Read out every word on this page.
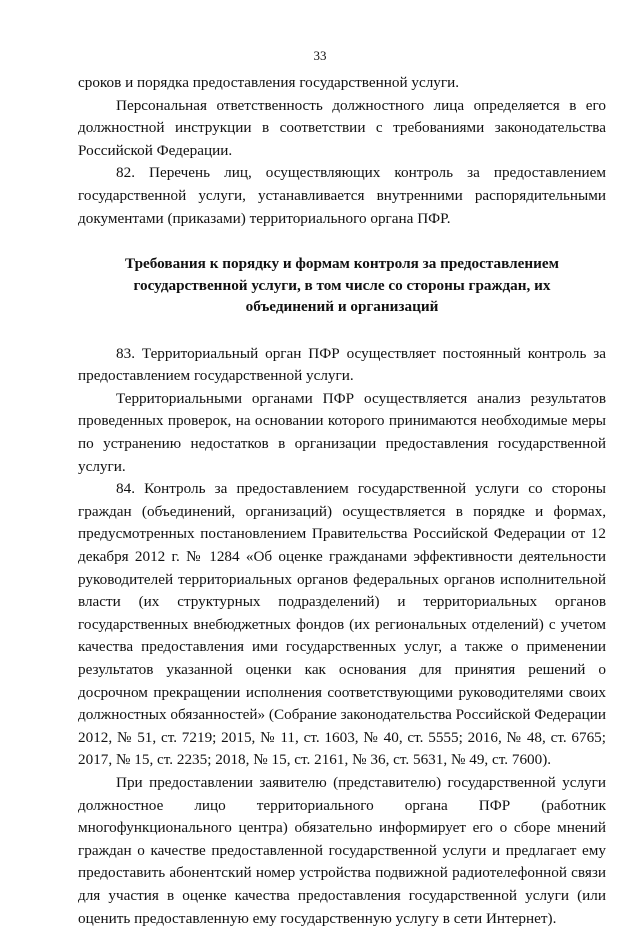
33

сроков и порядка предоставления государственной услуги.

Персональная ответственность должностного лица определяется в его должностной инструкции в соответствии с требованиями законодательства Российской Федерации.

82. Перечень лиц, осуществляющих контроль за предоставлением государственной услуги, устанавливается внутренними распорядительными документами (приказами) территориального органа ПФР.

Требования к порядку и формам контроля за предоставлением государственной услуги, в том числе со стороны граждан, их объединений и организаций

83. Территориальный орган ПФР осуществляет постоянный контроль за предоставлением государственной услуги.

Территориальными органами ПФР осуществляется анализ результатов проведенных проверок, на основании которого принимаются необходимые меры по устранению недостатков в организации предоставления государственной услуги.

84. Контроль за предоставлением государственной услуги со стороны граждан (объединений, организаций) осуществляется в порядке и формах, предусмотренных постановлением Правительства Российской Федерации от 12 декабря 2012 г. № 1284 «Об оценке гражданами эффективности деятельности руководителей территориальных органов федеральных органов исполнительной власти (их структурных подразделений) и территориальных органов государственных внебюджетных фондов (их региональных отделений) с учетом качества предоставления ими государственных услуг, а также о применении результатов указанной оценки как основания для принятия решений о досрочном прекращении исполнения соответствующими руководителями своих должностных обязанностей» (Собрание законодательства Российской Федерации 2012, № 51, ст. 7219; 2015, № 11, ст. 1603, № 40, ст. 5555; 2016, № 48, ст. 6765; 2017, № 15, ст. 2235; 2018, № 15, ст. 2161, № 36, ст. 5631, № 49, ст. 7600).

При предоставлении заявителю (представителю) государственной услуги должностное лицо территориального органа ПФР (работник многофункционального центра) обязательно информирует его о сборе мнений граждан о качестве предоставленной государственной услуги и предлагает ему предоставить абонентский номер устройства подвижной радиотелефонной связи для участия в оценке качества предоставления государственной услуги (или оценить предоставленную ему государственную услугу в сети Интернет).
